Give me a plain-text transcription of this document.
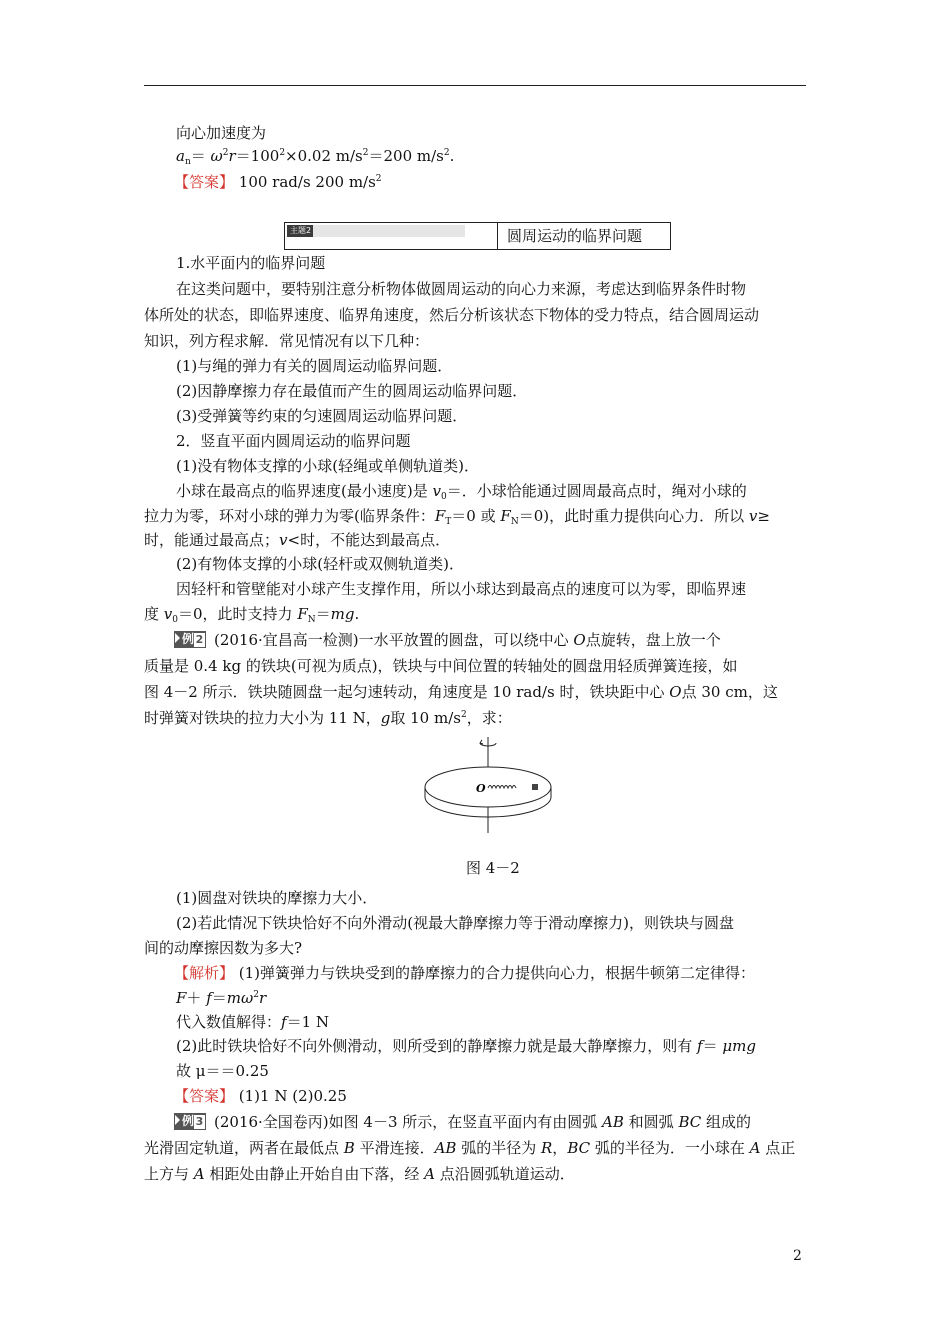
向心加速度为
$a_n= \omega^2r=100^2\times 0.02$ $m/s^2=200$ $m/s^2$.
【答案】 100 rad/s 200 $m/s^2$
主题2	圆周运动的临界问题
1.水平面内的临界问题
在这类问题中，要特别注意分析物体做圆周运动的向心力来源，考虑达到临界条件时物
体所处的状态，即临界速度、临界角速度，然后分析该状态下物体的受力特点，结合圆周运动
知识，列方程求解．常见情况有以下几种：
(1)与绳的弹力有关的圆周运动临界问题．
(2)因静摩擦力存在最值而产生的圆周运动临界问题．
(3)受弹簧等约束的匀速圆周运动临界问题．
2．竖直平面内圆周运动的临界问题
(1)没有物体支撑的小球(轻绳或单侧轨道类)．
小球在最高点的临界速度(最小速度)是 $v_0=$．小球恰能通过圆周最高点时，绳对小球的
拉力为零，环对小球的弹力为零(临界条件：$F_T=0$ 或 $F_N=0$)，此时重力提供向心力．所以 v≥
时，能通过最高点；v<时，不能达到最高点．
(2)有物体支撑的小球(轻杆或双侧轨道类)．
因轻杆和管壁能对小球产生支撑作用，所以小球达到最高点的速度可以为零，即临界速
度 $v_0=0$，此时支持力 $F_N=mg$.
例 2 (2016·宜昌高一检测)一水平放置的圆盘，可以绕中心 O点旋转，盘上放一个
质量是 0.4 kg 的铁块(可视为质点)，铁块与中间位置的转轴处的圆盘用轻质弹簧连接，如
图 4－2 所示．铁块随圆盘一起匀速转动，角速度是 10 rad/s 时，铁块距中心 O点 30 cm，这
时弹簧对铁块的拉力大小为 11 N，g取 10 $m/s^2$，求：
O
图 4－2
(1)圆盘对铁块的摩擦力大小．
(2)若此情况下铁块恰好不向外滑动(视最大静摩擦力等于滑动摩擦力)，则铁块与圆盘
间的动摩擦因数为多大?
【解析】 (1)弹簧弹力与铁块受到的静摩擦力的合力提供向心力，根据牛顿第二定律得：
$F+ f=m\omega^2r$
代入数值解得：f＝1 N
(2)此时铁块恰好不向外侧滑动，则所受到的静摩擦力就是最大静摩擦力，则有 f＝ μmg
故 μ＝＝0.25
【答案】 (1)1 N (2)0.25
例 3 (2016·全国卷丙)如图 4－3 所示，在竖直平面内有由圆弧 AB 和圆弧 BC 组成的
光滑固定轨道，两者在最低点 B 平滑连接．AB 弧的半径为 R，BC 弧的半径为．一小球在 A 点正
上方与 A 相距处由静止开始自由下落，经 A 点沿圆弧轨道运动．
2
